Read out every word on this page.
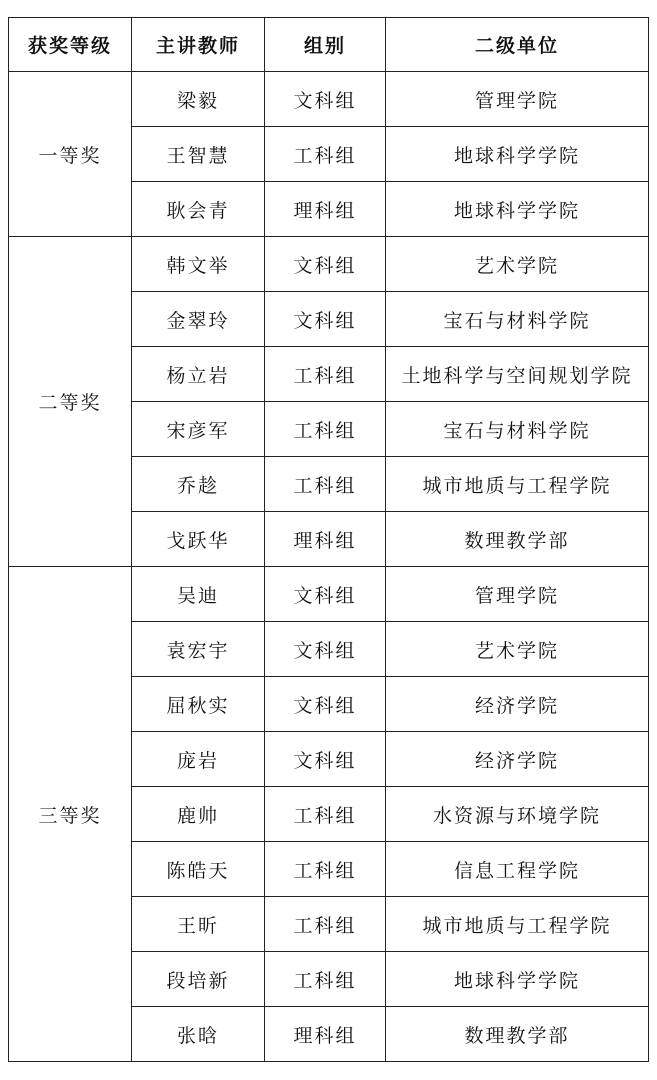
获奖等级	主讲教师	组别	二级单位
一等奖	梁毅	文科组	管理学院
	王智慧	工科组	地球科学学院
	耿会青	理科组	地球科学学院
二等奖	韩文举	文科组	艺术学院
	金翠玲	文科组	宝石与材料学院
	杨立岩	工科组	土地科学与空间规划学院
	宋彦军	工科组	宝石与材料学院
	乔趁	工科组	城市地质与工程学院
	戈跃华	理科组	数理教学部
三等奖	吴迪	文科组	管理学院
	袁宏宇	文科组	艺术学院
	屈秋实	文科组	经济学院
	庞岩	文科组	经济学院
	鹿帅	工科组	水资源与环境学院
	陈皓天	工科组	信息工程学院
	王昕	工科组	城市地质与工程学院
	段培新	工科组	地球科学学院
	张晗	理科组	数理教学部
